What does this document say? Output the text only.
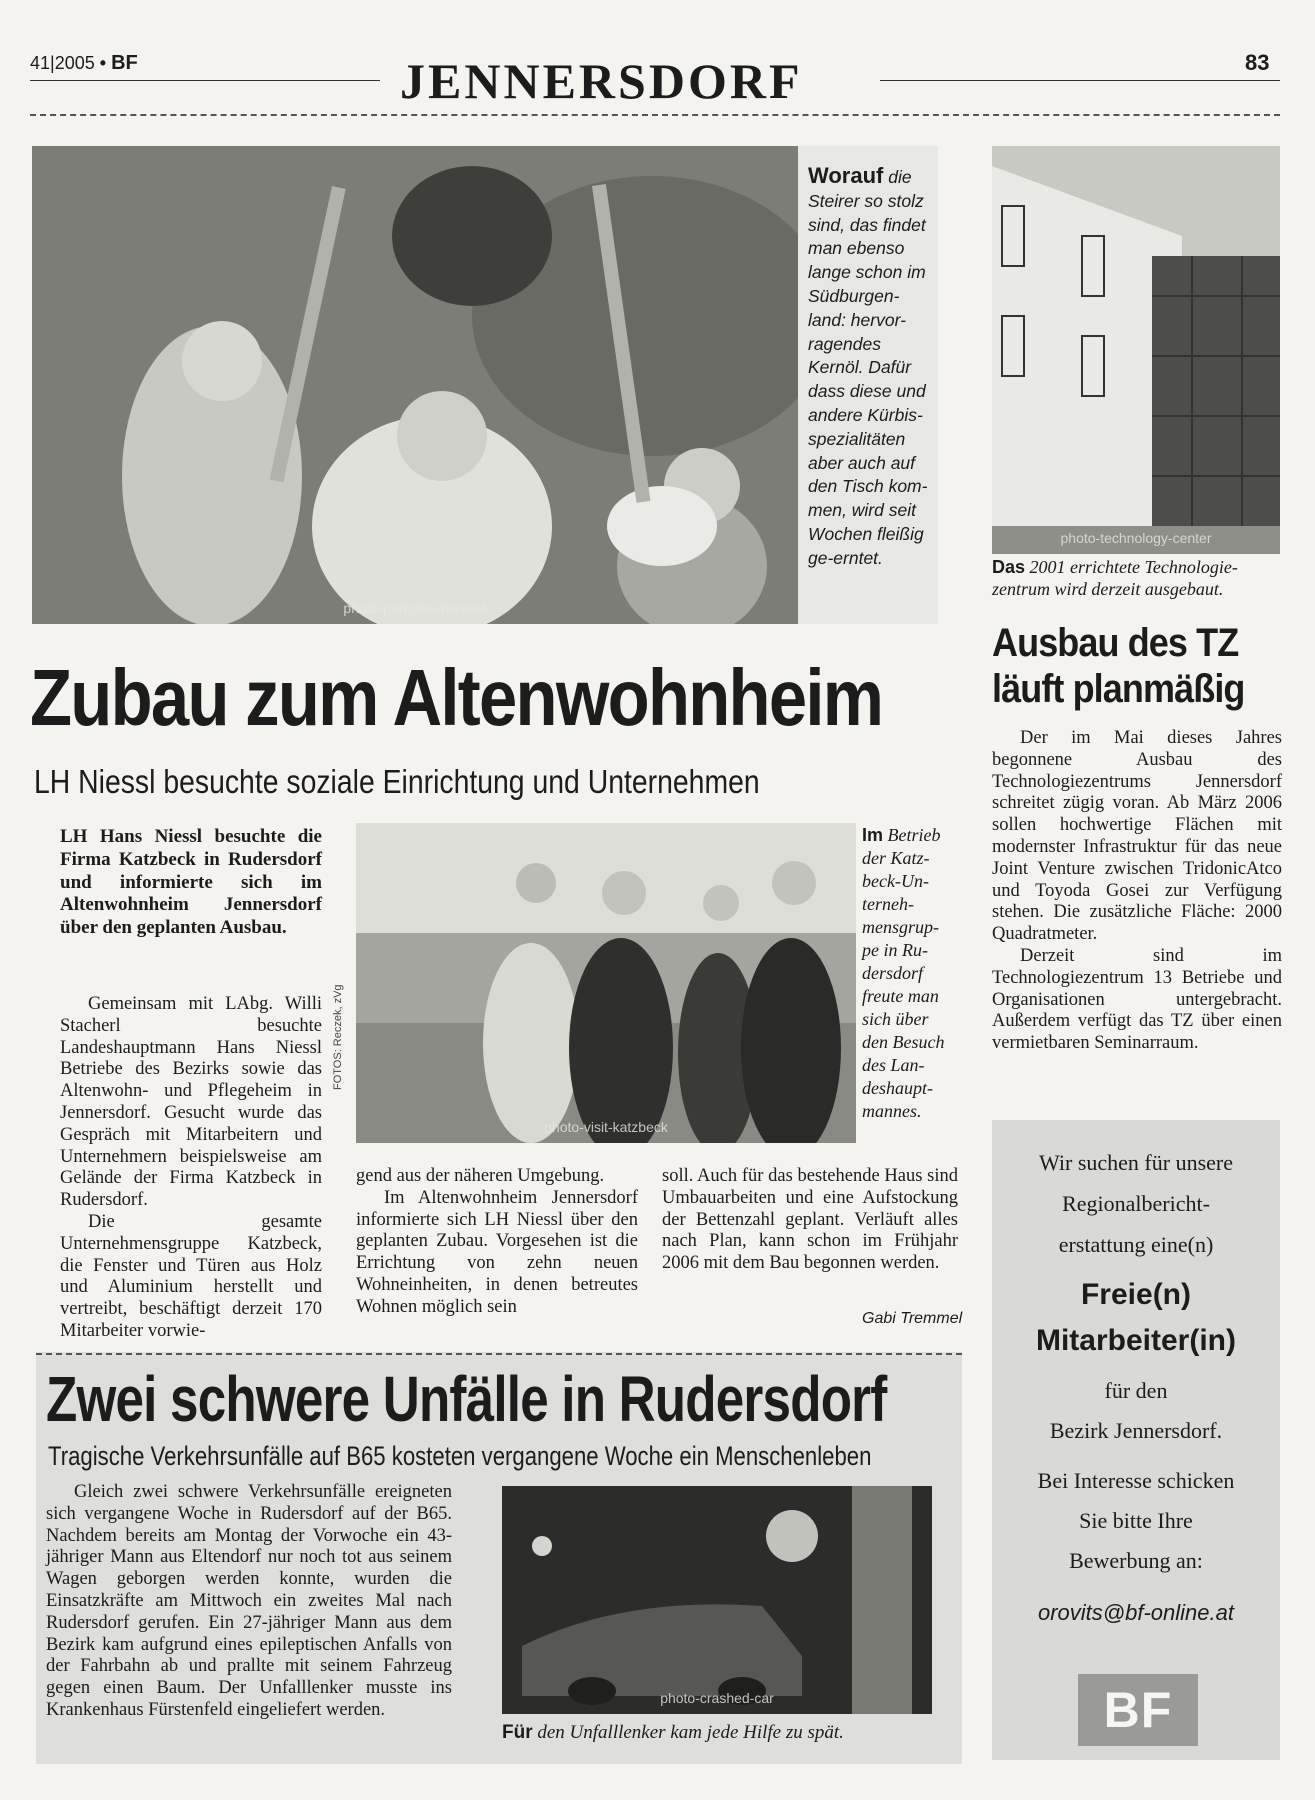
41|2005 • BF	JENNERSDORF	83
photo-pumpkin-harvest
Worauf die Steirer so stolz sind, das findet man ebenso lange schon im Südburgen-land: hervor-ragendes Kernöl. Dafür dass diese und andere Kürbis-spezialitäten aber auch auf den Tisch kom-men, wird seit Wochen fleißig ge-erntet.
photo-technology-center
Das 2001 errichtete Technologie-zentrum wird derzeit ausgebaut.
Ausbau des TZ
läuft planmäßig

Der im Mai dieses Jahres begonnene Ausbau des Technologiezentrums Jennersdorf schreitet zügig voran. Ab März 2006 sollen hochwertige Flächen mit modernster Infrastruktur für das neue Joint Venture zwischen TridonicAtco und Toyoda Gosei zur Verfügung stehen. Die zusätzliche Fläche: 2000 Quadratmeter.

Derzeit sind im Technologiezentrum 13 Betriebe und Organisationen untergebracht. Außerdem verfügt das TZ über einen vermietbaren Seminarraum.

Wir suchen für unsere
Regionalbericht-
erstattung eine(n)
Freie(n)
Mitarbeiter(in)
für den
Bezirk Jennersdorf.
Bei Interesse schicken
Sie bitte Ihre
Bewerbung an:
orovits@bf-online.at
BF
Zubau zum Altenwohnheim
LH Niessl besuchte soziale Einrichtung und Unternehmen
LH Hans Niessl besuchte die Firma Katzbeck in Rudersdorf und informierte sich im Altenwohnheim Jennersdorf über den geplanten Ausbau.

Gemeinsam mit LAbg. Willi Stacherl besuchte Landeshauptmann Hans Niessl Betriebe des Bezirks sowie das Altenwohn- und Pflegeheim in Jennersdorf. Gesucht wurde das Gespräch mit Mitarbeitern und Unternehmern beispielsweise am Gelände der Firma Katzbeck in Rudersdorf.

Die gesamte Unternehmensgruppe Katzbeck, die Fenster und Türen aus Holz und Aluminium herstellt und vertreibt, beschäftigt derzeit 170 Mitarbeiter vorwie-

photo-visit-katzbeck
FOTOS: Reczek, zVg
Im Betrieb der Katz-beck-Un-terneh-mensgrup-pe in Ru-dersdorf freute man sich über den Besuch des Lan-deshaupt-mannes.

gend aus der näheren Umgebung.

Im Altenwohnheim Jennersdorf informierte sich LH Niessl über den geplanten Zubau. Vorgesehen ist die Errichtung von zehn neuen Wohneinheiten, in denen betreutes Wohnen möglich sein

soll. Auch für das bestehende Haus sind Umbauarbeiten und eine Aufstockung der Bettenzahl geplant. Verläuft alles nach Plan, kann schon im Frühjahr 2006 mit dem Bau begonnen werden.

Gabi Tremmel
Zwei schwere Unfälle in Rudersdorf
Tragische Verkehrsunfälle auf B65 kosteten vergangene Woche ein Menschenleben

Gleich zwei schwere Verkehrsunfälle ereigneten sich vergangene Woche in Rudersdorf auf der B65. Nachdem bereits am Montag der Vorwoche ein 43-jähriger Mann aus Eltendorf nur noch tot aus seinem Wagen geborgen werden konnte, wurden die Einsatzkräfte am Mittwoch ein zweites Mal nach Rudersdorf gerufen. Ein 27-jähriger Mann aus dem Bezirk kam aufgrund eines epileptischen Anfalls von der Fahrbahn ab und prallte mit seinem Fahrzeug gegen einen Baum. Der Unfalllenker musste ins Krankenhaus Fürstenfeld eingeliefert werden.

photo-crashed-car
Für den Unfalllenker kam jede Hilfe zu spät.
